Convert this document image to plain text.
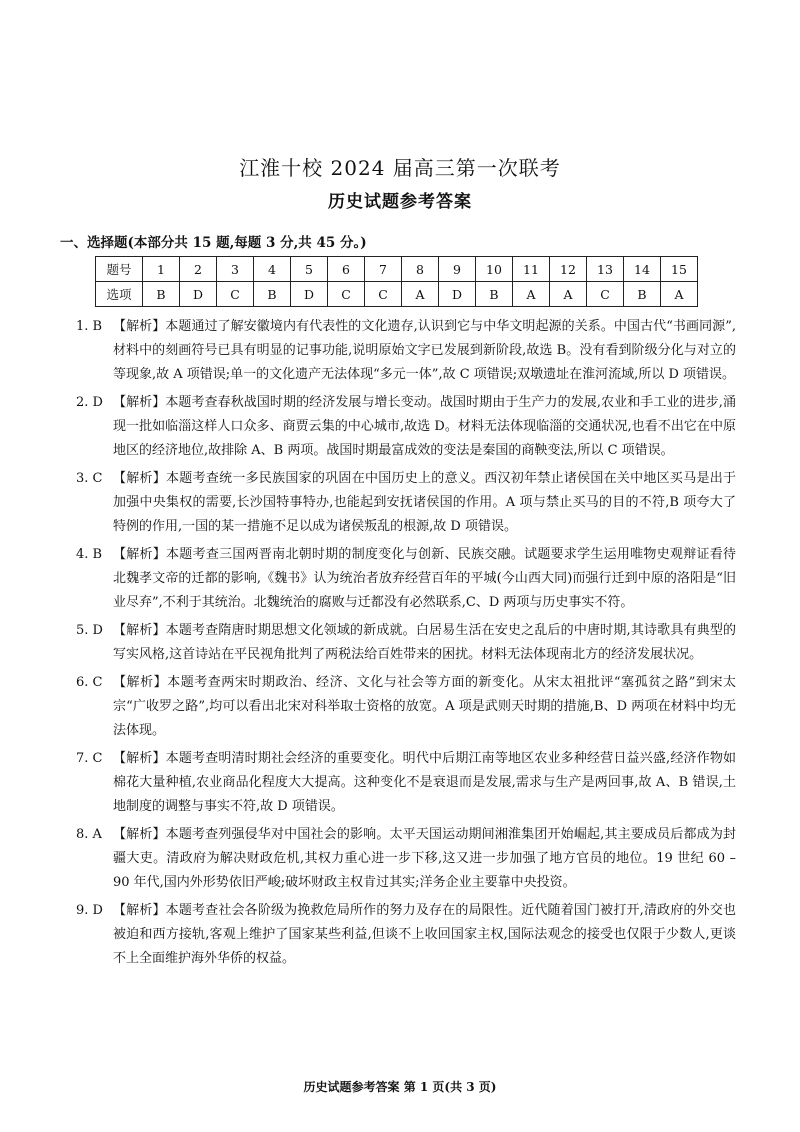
江淮十校 2024 届高三第一次联考
历史试题参考答案
一、选择题(本部分共 15 题,每题 3 分,共 45 分。)
题号	1	2	3	4	5	6	7	8	9	10	11	12	13	14	15
选项	B	D	C	B	D	C	C	A	D	B	A	A	C	B	A
1. B 【解析】本题通过了解安徽境内有代表性的文化遗存,认识到它与中华文明起源的关系。中国古代“书画同源”,材料中的刻画符号已具有明显的记事功能,说明原始文字已发展到新阶段,故选 B。没有看到阶级分化与对立的等现象,故 A 项错误;单一的文化遗产无法体现“多元一体”,故 C 项错误;双墩遗址在淮河流域,所以 D 项错误。
2. D 【解析】本题考查春秋战国时期的经济发展与增长变动。战国时期由于生产力的发展,农业和手工业的进步,涌现一批如临淄这样人口众多、商贾云集的中心城市,故选 D。材料无法体现临淄的交通状况,也看不出它在中原地区的经济地位,故排除 A、B 两项。战国时期最富成效的变法是秦国的商鞅变法,所以 C 项错误。
3. C 【解析】本题考查统一多民族国家的巩固在中国历史上的意义。西汉初年禁止诸侯国在关中地区买马是出于加强中央集权的需要,长沙国特事特办,也能起到安抚诸侯国的作用。A 项与禁止买马的目的不符,B 项夸大了特例的作用,一国的某一措施不足以成为诸侯叛乱的根源,故 D 项错误。
4. B 【解析】本题考查三国两晋南北朝时期的制度变化与创新、民族交融。试题要求学生运用唯物史观辩证看待北魏孝文帝的迁都的影响,《魏书》认为统治者放弃经营百年的平城(今山西大同)而强行迁到中原的洛阳是“旧业尽弃”,不利于其统治。北魏统治的腐败与迁都没有必然联系,C、D 两项与历史事实不符。
5. D 【解析】本题考查隋唐时期思想文化领域的新成就。白居易生活在安史之乱后的中唐时期,其诗歌具有典型的写实风格,这首诗站在平民视角批判了两税法给百姓带来的困扰。材料无法体现南北方的经济发展状况。
6. C 【解析】本题考查两宋时期政治、经济、文化与社会等方面的新变化。从宋太祖批评“塞孤贫之路”到宋太宗“广收罗之路”,均可以看出北宋对科举取士资格的放宽。A 项是武则天时期的措施,B、D 两项在材料中均无法体现。
7. C 【解析】本题考查明清时期社会经济的重要变化。明代中后期江南等地区农业多种经营日益兴盛,经济作物如棉花大量种植,农业商品化程度大大提高。这种变化不是衰退而是发展,需求与生产是两回事,故 A、B 错误,土地制度的调整与事实不符,故 D 项错误。
8. A 【解析】本题考查列强侵华对中国社会的影响。太平天国运动期间湘淮集团开始崛起,其主要成员后都成为封疆大吏。清政府为解决财政危机,其权力重心进一步下移,这又进一步加强了地方官员的地位。19 世纪 60 – 90 年代,国内外形势依旧严峻;破坏财政主权肯过其实;洋务企业主要靠中央投资。
9. D 【解析】本题考查社会各阶级为挽救危局所作的努力及存在的局限性。近代随着国门被打开,清政府的外交也被迫和西方接轨,客观上维护了国家某些利益,但谈不上收回国家主权,国际法观念的接受也仅限于少数人,更谈不上全面维护海外华侨的权益。
历史试题参考答案 第 1 页(共 3 页)
